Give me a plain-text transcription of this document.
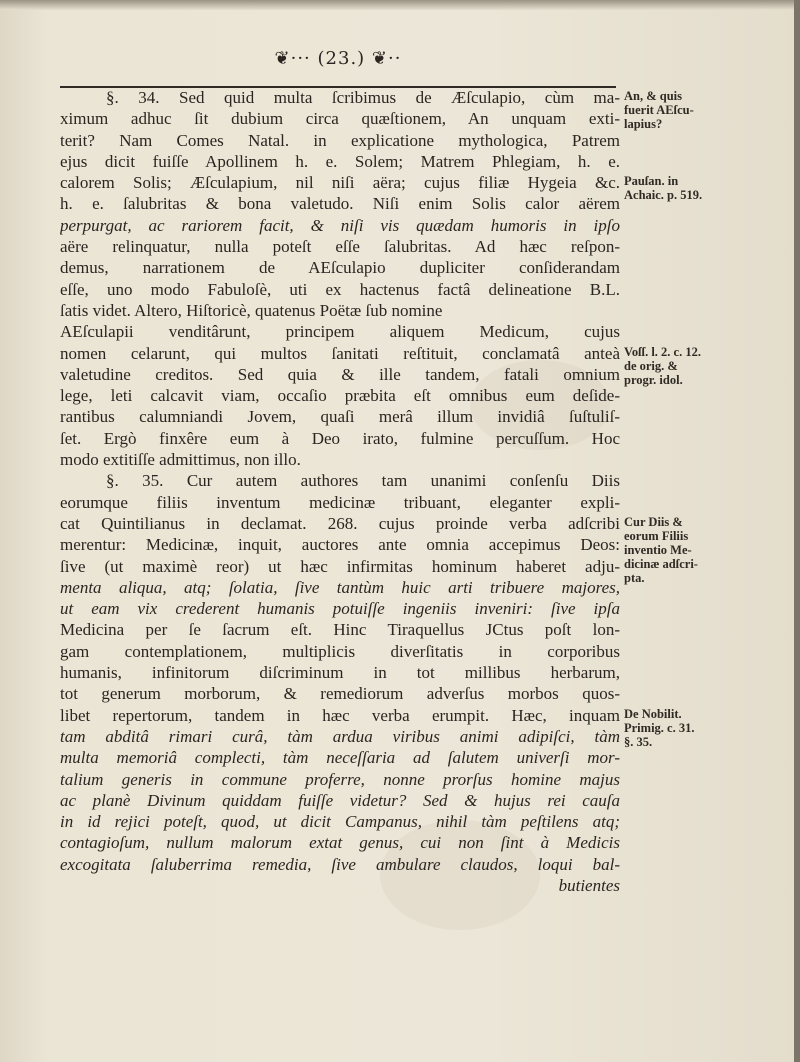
❦··· (23.) ❦··
§. 34. Sed quid multa ſcribimus de Æſculapio, cùm ma-
ximum adhuc ſit dubium circa quæſtionem, An unquam exti-
terit? Nam Comes Natal. in explicatione mythologica, Patrem
ejus dicit fuiſſe Apollinem h. e. Solem; Matrem Phlegiam, h. e.
calorem Solis; Æſculapium, nil niſi aëra; cujus filiæ Hygeia &c.
h. e. ſalubritas & bona valetudo. Niſi enim Solis calor aërem
perpurgat, ac rariorem facit, & niſi vis quædam humoris in ipſo
aëre relinquatur, nulla poteſt eſſe ſalubritas. Ad hæc reſpon-
demus, narrationem de AEſculapio dupliciter conſiderandam
eſſe, uno modo Fabuloſè, uti ex hactenus factâ delineatione B.L.
ſatis videt. Altero, Hiſtoricè, quatenus Poëtæ ſub nomine
AEſculapii venditârunt, principem aliquem Medicum, cujus
nomen celarunt, qui multos ſanitati reſtituit, conclamatâ anteà
valetudine creditos. Sed quia & ille tandem, fatali omnium
lege, leti calcavit viam, occaſio præbita eſt omnibus eum deſide-
rantibus calumniandi Jovem, quaſi merâ illum invidiâ ſuſtuliſ-
ſet. Ergò finxêre eum à Deo irato, fulmine percuſſum. Hoc
modo extitiſſe admittimus, non illo.
§. 35. Cur autem authores tam unanimi conſenſu Diis
eorumque filiis inventum medicinæ tribuant, eleganter expli-
cat Quintilianus in declamat. 268. cujus proinde verba adſcribi
merentur: Medicinæ, inquit, auctores ante omnia accepimus Deos:
ſive (ut maximè reor) ut hæc infirmitas hominum haberet adju-
menta aliqua, atq; ſolatia, ſive tantùm huic arti tribuere majores,
ut eam vix crederent humanis potuiſſe ingeniis inveniri: ſive ipſa
Medicina per ſe ſacrum eſt. Hinc Tiraquellus JCtus poſt lon-
gam contemplationem, multiplicis diverſitatis in corporibus
humanis, infinitorum diſcriminum in tot millibus herbarum,
tot generum morborum, & remediorum adverſus morbos quos-
libet repertorum, tandem in hæc verba erumpit. Hæc, inquam
tam abditâ rimari curâ, tàm ardua viribus animi adipiſci, tàm
multa memoriâ complecti, tàm neceſſaria ad ſalutem univerſi mor-
talium generis in commune proferre, nonne prorſus homine majus
ac planè Divinum quiddam fuiſſe videtur? Sed & hujus rei cauſa
in id rejici poteſt, quod, ut dicit Campanus, nihil tàm peſtilens atq;
contagioſum, nullum malorum extat genus, cui non ſint à Medicis
excogitata ſaluberrima remedia, ſive ambulare claudos, loqui bal-
butientes
An, & quis
fuerit AEſcu-
lapius?
Pauſan. in
Achaic. p. 519.
Voſſ. l. 2. c. 12.
de orig. &
progr. idol.
Cur Diis &
eorum Filiis
inventio Me-
dicinæ adſcri-
pta.
De Nobilit.
Primig. c. 31.
§. 35.
